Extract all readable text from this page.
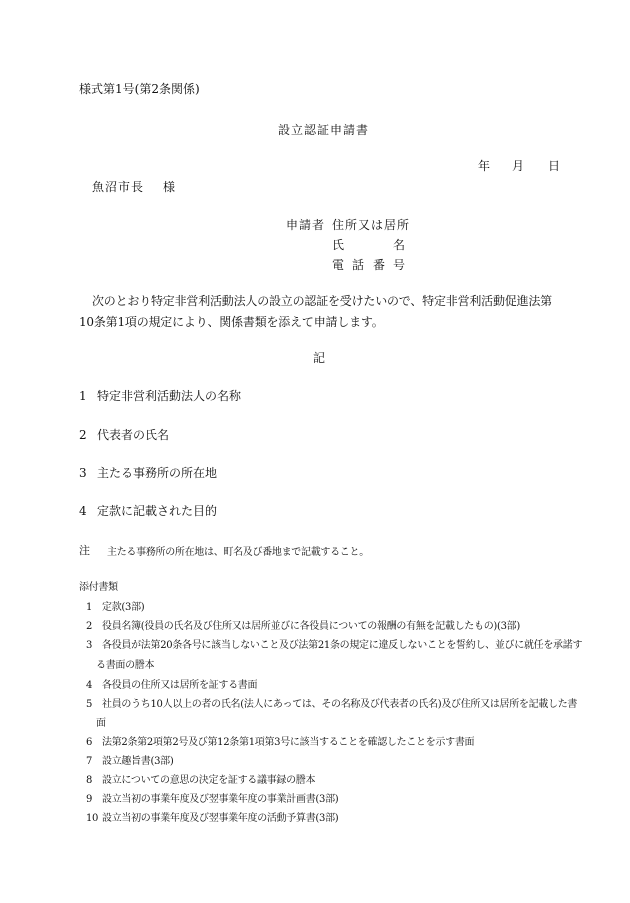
様式第1号(第2条関係)
設立認証申請書
年 月 日
魚沼市長 様
申請者 住所又は居所
氏	名
電 話 番 号
次のとおり特定非営利活動法人の設立の認証を受けたいので、特定非営利活動促進法第
10条第1項の規定により、関係書類を添えて申請します。
記
1 特定非営利活動法人の名称
2 代表者の氏名
3 主たる事務所の所在地
4 定款に記載された目的
注 主たる事務所の所在地は、町名及び番地まで記載すること。
添付書類
1 定款(3部)
2 役員名簿(役員の氏名及び住所又は居所並びに各役員についての報酬の有無を記載したもの)(3部)
3 各役員が法第20条各号に該当しないこと及び法第21条の規定に違反しないことを誓約し、並びに就任を承諾す
る書面の謄本
4 各役員の住所又は居所を証する書面
5 社員のうち10人以上の者の氏名(法人にあっては、その名称及び代表者の氏名)及び住所又は居所を記載した書
面
6 法第2条第2項第2号及び第12条第1項第3号に該当することを確認したことを示す書面
7 設立趣旨書(3部)
8 設立についての意思の決定を証する議事録の謄本
9 設立当初の事業年度及び翌事業年度の事業計画書(3部)
10 設立当初の事業年度及び翌事業年度の活動予算書(3部)
